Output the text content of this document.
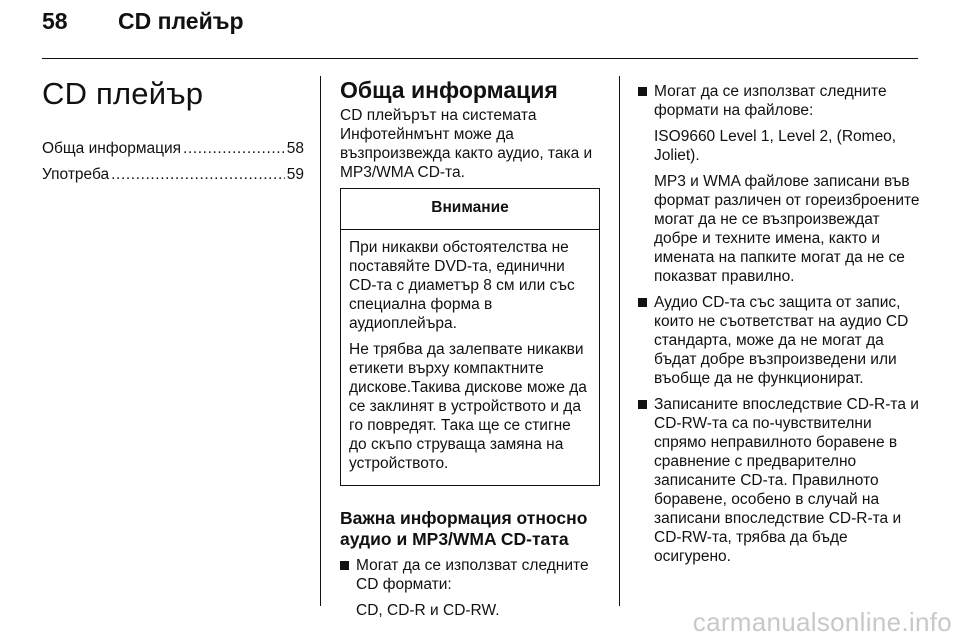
58 CD плейър
CD плейър
Обща информация .....	58
Употреба .....	59
Обща информация

CD плейърът на системата Инфотейнмънт може да възпроизвежда както аудио, така и MP3/WMA CD-та.

Внимание

При никакви обстоятелства не поставяйте DVD-та, единични CD-та с диаметър 8 см или със специална форма в аудиоплейъра.

Не трябва да залепвате никакви етикети върху компактните дискове.Такива дискове може да се заклинят в устройството и да го повредят. Така ще се стигне до скъпо струваща замяна на устройството.

Важна информация относно аудио и MP3/WMA CD-тата

Могат да се използват следните CD формати:

CD, CD-R и CD-RW.

Могат да се използват следните формати на файлове:

ISO9660 Level 1, Level 2, (Romeo, Joliet).

MP3 и WMA файлове записани във формат различен от гореизброените могат да не се възпроизвеждат добре и техните имена, както и имената на папките могат да не се показват правилно.

Аудио CD-та със защита от запис, които не съответстват на аудио CD стандарта, може да не могат да бъдат добре възпроизведени или въобще да не функционират.

Записаните впоследствие CD-R-та и CD-RW-та са по-чувствителни спрямо неправилното боравене в сравнение с предварително записаните CD-та. Правилното боравене, особено в случай на записани впоследствие CD-R-та и CD-RW-та, трябва да бъде осигурено.

carmanualsonline.info
